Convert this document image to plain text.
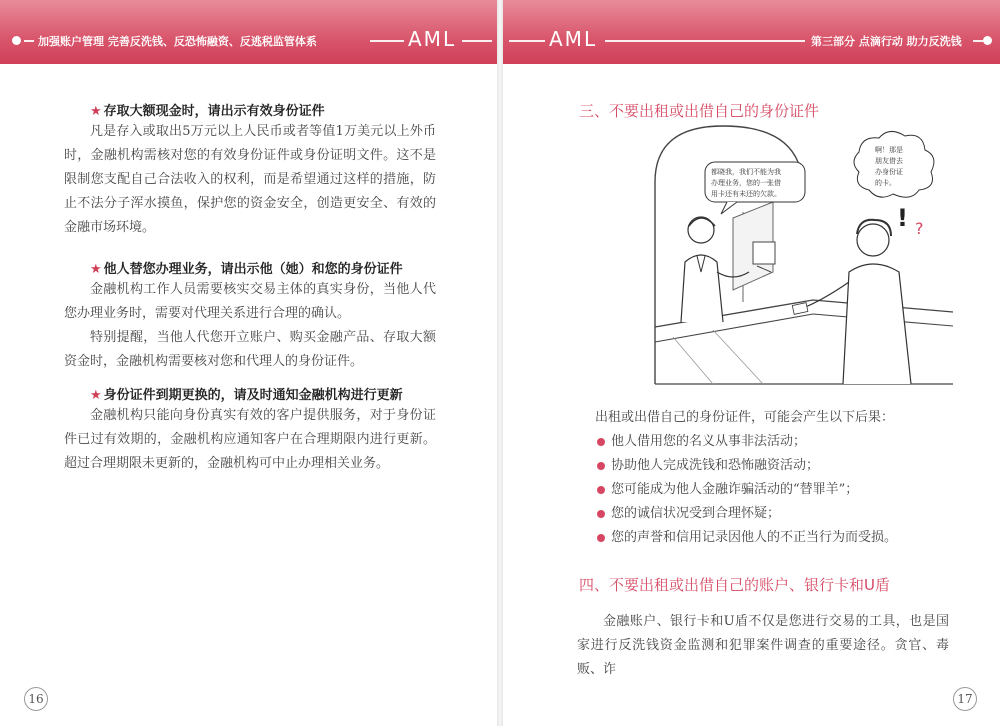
加强账户管理 完善反洗钱、反恐怖融资、反逃税监管体系	AML
★ 存取大额现金时，请出示有效身份证件
凡是存入或取出5万元以上人民币或者等值1万美元以上外币时，金融机构需核对您的有效身份证件或身份证明文件。这不是限制您支配自己合法收入的权利，而是希望通过这样的措施，防止不法分子浑水摸鱼，保护您的资金安全，创造更安全、有效的金融市场环境。
★ 他人替您办理业务，请出示他（她）和您的身份证件
金融机构工作人员需要核实交易主体的真实身份，当他人代您办理业务时，需要对代理关系进行合理的确认。
特别提醒，当他人代您开立账户、购买金融产品、存取大额资金时，金融机构需要核对您和代理人的身份证件。
★ 身份证件到期更换的，请及时通知金融机构进行更新
金融机构只能向身份真实有效的客户提供服务，对于身份证件已过有效期的，金融机构应通知客户在合理期限内进行更新。超过合理期限未更新的，金融机构可中止办理相关业务。
16
AML	第三部分 点滴行动 助力反洗钱
三、不要出租或出借自己的身份证件
! ?
都晓我，我们不能为我
办理业务，您的一张借
用卡还有未还的欠款。
啊！那是
朋友借去
办身份证
的卡。
出租或出借自己的身份证件，可能会产生以下后果：
他人借用您的名义从事非法活动；
协助他人完成洗钱和恐怖融资活动；
您可能成为他人金融诈骗活动的“替罪羊”；
您的诚信状况受到合理怀疑；
您的声誉和信用记录因他人的不正当行为而受损。
四、不要出租或出借自己的账户、银行卡和U盾
金融账户、银行卡和U盾不仅是您进行交易的工具，也是国家进行反洗钱资金监测和犯罪案件调查的重要途径。贪官、毒贩、诈
17
